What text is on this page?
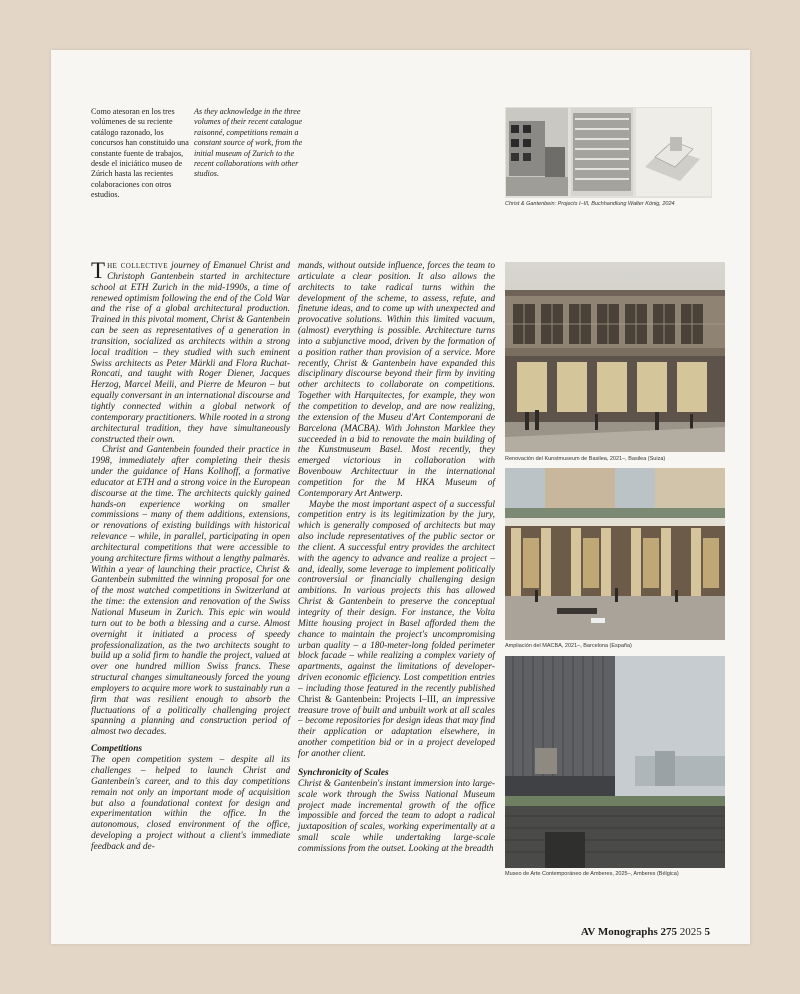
Como atesoran en los tres volúmenes de su reciente catálogo razonado, los concursos han constituido una constante fuente de trabajos, desde el iniciático museo de Zúrich hasta las recientes colaboraciones con otros estudios.
As they acknowledge in the three volumes of their recent catalogue raisonné, competitions remain a constant source of work, from the initial museum of Zurich to the recent collaborations with other studios.
Christ & Gantenbein: Projects I–III, Buchhandlung Walter König, 2024

The collective journey of Emanuel Christ and Christoph Gantenbein started in architecture school at ETH Zurich in the mid-1990s, a time of renewed optimism following the end of the Cold War and the rise of a global architectural production. Trained in this pivotal moment, Christ & Gantenbein can be seen as representatives of a generation in transition, socialized as architects within a strong local tradition – they studied with such eminent Swiss architects as Peter Märkli and Flora Ruchat-Roncati, and taught with Roger Diener, Jacques Herzog, Marcel Meili, and Pierre de Meuron – but equally conversant in an international discourse and tightly connected within a global network of contemporary practitioners. While rooted in a strong architectural tradition, they have simultaneously constructed their own.

Christ and Gantenbein founded their practice in 1998, immediately after completing their thesis under the guidance of Hans Kollhoff, a formative educator at ETH and a strong voice in the European discourse at the time. The architects quickly gained hands-on experience working on smaller commissions – many of them additions, extensions, or renovations of existing buildings with historical relevance – while, in parallel, participating in open architectural competitions that were accessible to young architecture firms without a lengthy palmarès. Within a year of launching their practice, Christ & Gantenbein submitted the winning proposal for one of the most watched competitions in Switzerland at the time: the extension and renovation of the Swiss National Museum in Zurich. This epic win would turn out to be both a blessing and a curse. Almost overnight it initiated a process of speedy professionalization, as the two architects sought to build up a solid firm to handle the project, valued at over one hundred million Swiss francs. These structural changes simultaneously forced the young employers to acquire more work to sustainably run a firm that was resilient enough to absorb the fluctuations of a politically challenging project spanning a planning and construction period of almost two decades.

Competitions

The open competition system – despite all its challenges – helped to launch Christ and Gantenbein's career, and to this day competitions remain not only an important mode of acquisition but also a foundational context for design and experimentation within the office. In the autonomous, closed environment of the office, developing a project without a client's immediate feedback and de-

mands, without outside influence, forces the team to articulate a clear position. It also allows the architects to take radical turns within the development of the scheme, to assess, refute, and finetune ideas, and to come up with unexpected and provocative solutions. Within this limited vacuum, (almost) everything is possible. Architecture turns into a subjunctive mood, driven by the formation of a position rather than provision of a service. More recently, Christ & Gantenbein have expanded this disciplinary discourse beyond their firm by inviting other architects to collaborate on competitions. Together with Harquitectes, for example, they won the competition to develop, and are now realizing, the extension of the Museu d'Art Contemporani de Barcelona (MACBA). With Johnston Marklee they succeeded in a bid to renovate the main building of the Kunstmuseum Basel. Most recently, they emerged victorious in collaboration with Bovenbouw Architectuur in the international competition for the M HKA Museum of Contemporary Art Antwerp.

Maybe the most important aspect of a successful competition entry is its legitimization by the jury, which is generally composed of architects but may also include representatives of the public sector or the client. A successful entry provides the architect with the agency to advance and realize a project – and, ideally, some leverage to implement politically controversial or financially challenging design ambitions. In various projects this has allowed Christ & Gantenbein to preserve the conceptual integrity of their design. For instance, the Volta Mitte housing project in Basel afforded them the chance to maintain the project's uncompromising urban quality – a 180-meter-long folded perimeter block facade – while realizing a complex variety of apartments, against the limitations of developer-driven economic efficiency. Lost competition entries – including those featured in the recently published Christ & Gantenbein: Projects I–III, an impressive treasure trove of built and unbuilt work at all scales – become repositories for design ideas that may find their application or adaptation elsewhere, in another competition bid or in a project developed for another client.

Synchronicity of Scales

Christ & Gantenbein's instant immersion into large-scale work through the Swiss National Museum project made incremental growth of the office impossible and forced the team to adopt a radical juxtaposition of scales, working experimentally at a small scale while undertaking large-scale commissions from the outset. Looking at the breadth

Renovación del Kunstmuseum de Basilea, 2021–, Basilea (Suiza)
Ampliación del MACBA, 2021–, Barcelona (España)
Museo de Arte Contemporáneo de Amberes, 2025–, Amberes (Bélgica)
AV Monographs 275 2025 5
